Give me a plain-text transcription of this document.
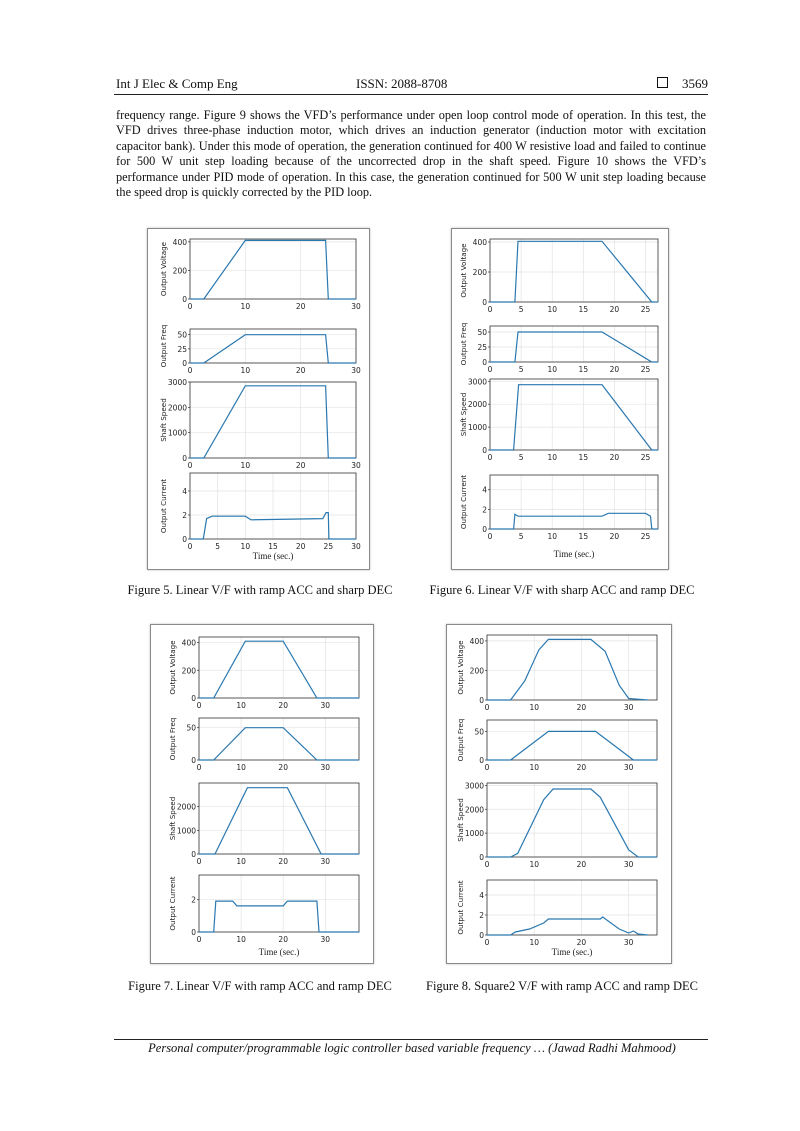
Int J Elec & Comp Eng	ISSN: 2088-8708	3569
frequency range. Figure 9 shows the VFD’s performance under open loop control mode of operation. In this test, the VFD drives three-phase induction motor, which drives an induction generator (induction motor with excitation capacitor bank). Under this mode of operation, the generation continued for 400 W resistive load and failed to continue for 500 W unit step loading because of the uncorrected drop in the shaft speed. Figure 10 shows the VFD’s performance under PID mode of operation. In this case, the generation continued for 500 W unit step loading because the speed drop is quickly corrected by the PID loop.
0
200
400
0	10	20	30
Output Voltage
0
25
50
0	10	20	30
Output Freq
0
1000
2000
3000
0	10	20	30
Shaft Speed
0
2
4
0	5	10 15 20 25 30
Output Current
Time (sec.)
0
200
400
0	5	10	15	20	25
Output Voltage
0
25
50
0	5	10	15	20	25
Output Freq
0
1000
2000
3000
0	5	10	15	20	25
Shaft Speed
0
2
4
0	5	10	15	20	25
Output Current
Time (sec.)
0
200
400
0	10	20	30
Output Voltage
0
50
0	10	20	30
Output Freq
0
1000
2000
0	10	20	30
Shaft Speed
0
2
0	10	20	30
Output Current
Time (sec.)
0
200
400
0	10	20	30
Output Voltage
0
50
0	10	20	30
Output Freq
0
1000
2000
3000
0	10	20	30
Shaft Speed
0
2
4
0	10	20	30
Output Current
Time (sec.)
Figure 5. Linear V/F with ramp ACC and sharp DEC	Figure 6. Linear V/F with sharp ACC and ramp DEC
Figure 7. Linear V/F with ramp ACC and ramp DEC	Figure 8. Square2 V/F with ramp ACC and ramp DEC
Personal computer/programmable logic controller based variable frequency … (Jawad Radhi Mahmood)
